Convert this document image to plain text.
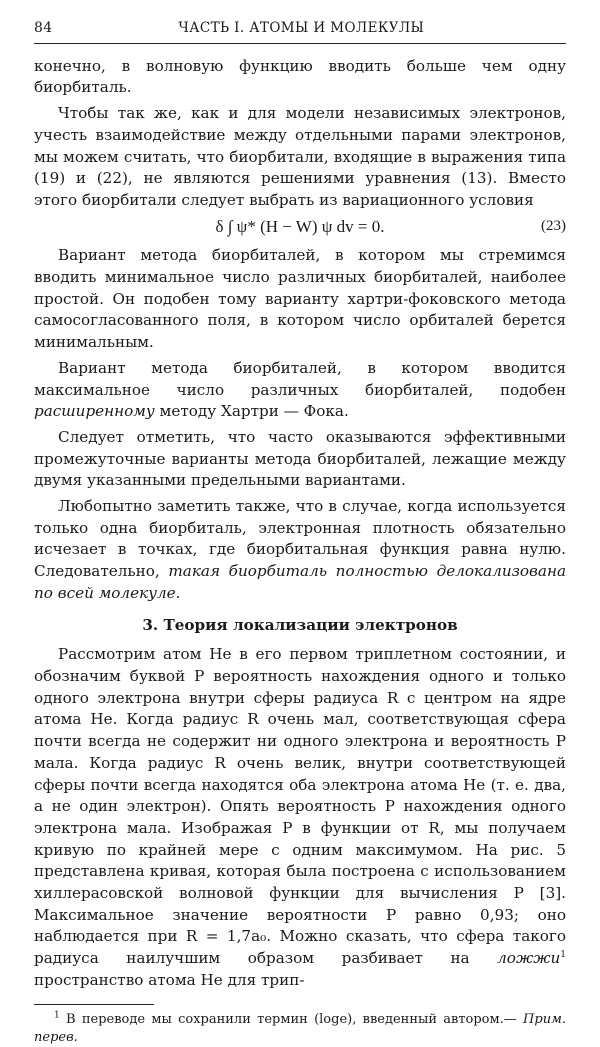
84	ЧАСТЬ I. АТОМЫ И МОЛЕКУЛЫ

конечно, в волновую функцию вводить больше чем одну биорбиталь.

Чтобы так же, как и для модели независимых электронов, учесть взаимодействие между отдельными парами электронов, мы можем считать, что биорбитали, входящие в выражения типа (19) и (22), не являются решениями уравнения (13). Вместо этого биорбитали следует выбрать из вариационного условия

δ ∫ ψ* (H − W) ψ dv = 0.	(23)

Вариант метода биорбиталей, в котором мы стремимся вводить минимальное число различных биорбиталей, наиболее простой. Он подобен тому варианту хартри-фоковского метода самосогласованного поля, в котором число орбиталей берется минимальным.

Вариант метода биорбиталей, в котором вводится максимальное число различных биорбиталей, подобен расширенному методу Хартри — Фока.

Следует отметить, что часто оказываются эффективными промежуточные варианты метода биорбиталей, лежащие между двумя указанными предельными вариантами.

Любопытно заметить также, что в случае, когда используется только одна биорбиталь, электронная плотность обязательно исчезает в точках, где биорбитальная функция равна нулю. Следовательно, такая биорбиталь полностью делокализована по всей молекуле.

3. Теория локализации электронов

Рассмотрим атом He в его первом триплетном состоянии, и обозначим буквой P вероятность нахождения одного и только одного электрона внутри сферы радиуса R с центром на ядре атома He. Когда радиус R очень мал, соответствующая сфера почти всегда не содержит ни одного электрона и вероятность P мала. Когда радиус R очень велик, внутри соответствующей сферы почти всегда находятся оба электрона атома He (т. е. два, а не один электрон). Опять вероятность P нахождения одного электрона мала. Изображая P в функции от R, мы получаем кривую по крайней мере с одним максимумом. На рис. 5 представлена кривая, которая была построена с использованием хиллерасовской волновой функции для вычисления P [3]. Максимальное значение вероятности P равно 0,93; оно наблюдается при R = 1,7a₀. Можно сказать, что сфера такого радиуса наилучшим образом разбивает на ложжи$^1$ пространство атома He для трип-

$^1$ В переводе мы сохранили термин (loge), введенный автором.— Прим. перев.
